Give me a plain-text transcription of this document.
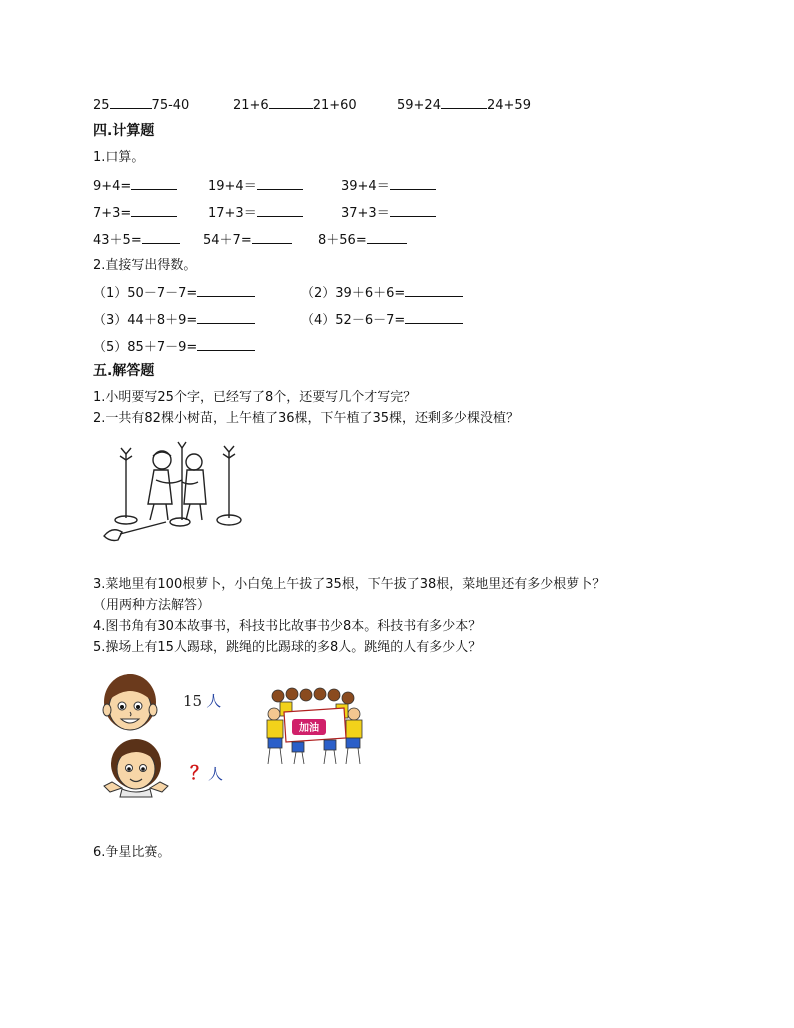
25	75-40	21+6	21+60	59+24	24+59
四.计算题
1.口算。
9+4=	19+4＝	39+4＝
7+3=	17+3＝	37+3＝
43＋5=	54＋7=	8＋56=
2.直接写出得数。
（1）50－7－7=	（2）39＋6＋6=
（3）44＋8＋9=	（4）52－6－7=
（5）85＋7－9=
五.解答题
1.小明要写25个字，已经写了8个，还要写几个才写完？
2.一共有82棵小树苗，上午植了36棵，下午植了35棵，还剩多少棵没植？
3.菜地里有100根萝卜，小白兔上午拔了35根，下午拔了38根，菜地里还有多少根萝卜？
（用两种方法解答）
4.图书角有30本故事书，科技书比故事书少8本。科技书有多少本？
5.操场上有15人踢球，跳绳的比踢球的多8人。跳绳的人有多少人？
15 人
？人
加油
6.争星比赛。
